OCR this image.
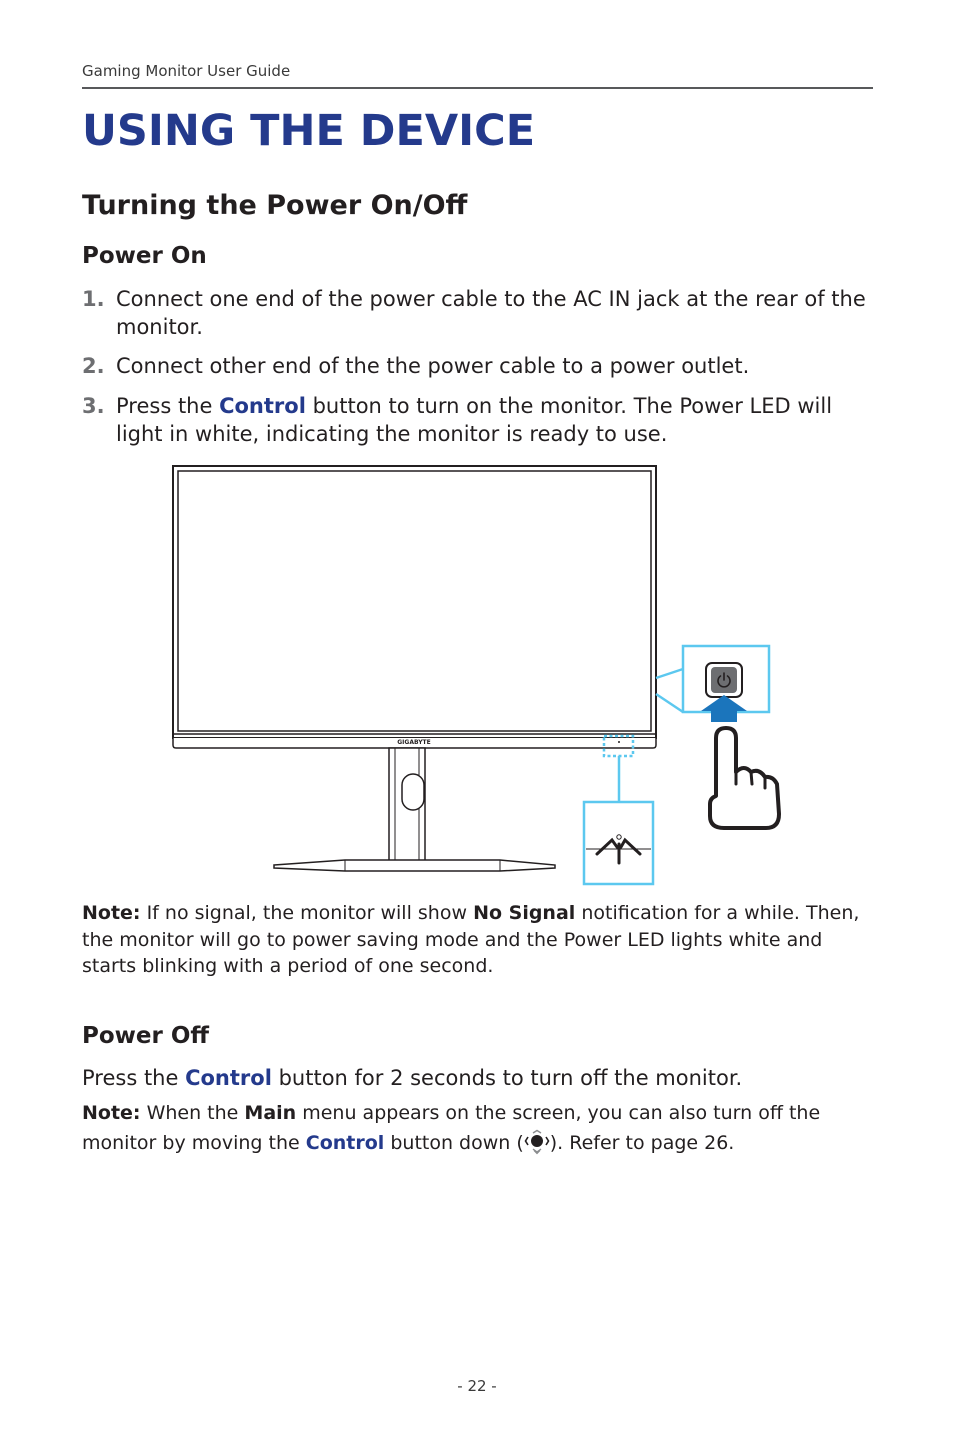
Gaming Monitor User Guide
USING THE DEVICE
Turning the Power On/Off
Power On
1. Connect one end of the power cable to the AC IN jack at the rear of the monitor.
2. Connect other end of the the power cable to a power outlet.
3. Press the Control button to turn on the monitor. The Power LED will light in white, indicating the monitor is ready to use.
GIGABYTE
Note: If no signal, the monitor will show No Signal notification for a while. Then, the monitor will go to power saving mode and the Power LED lights white and starts blinking with a period of one second.
Power Off
Press the Control button for 2 seconds to turn off the monitor.
Note: When the Main menu appears on the screen, you can also turn off the monitor by moving the Control button down ( ). Refer to page 26.
- 22 -
